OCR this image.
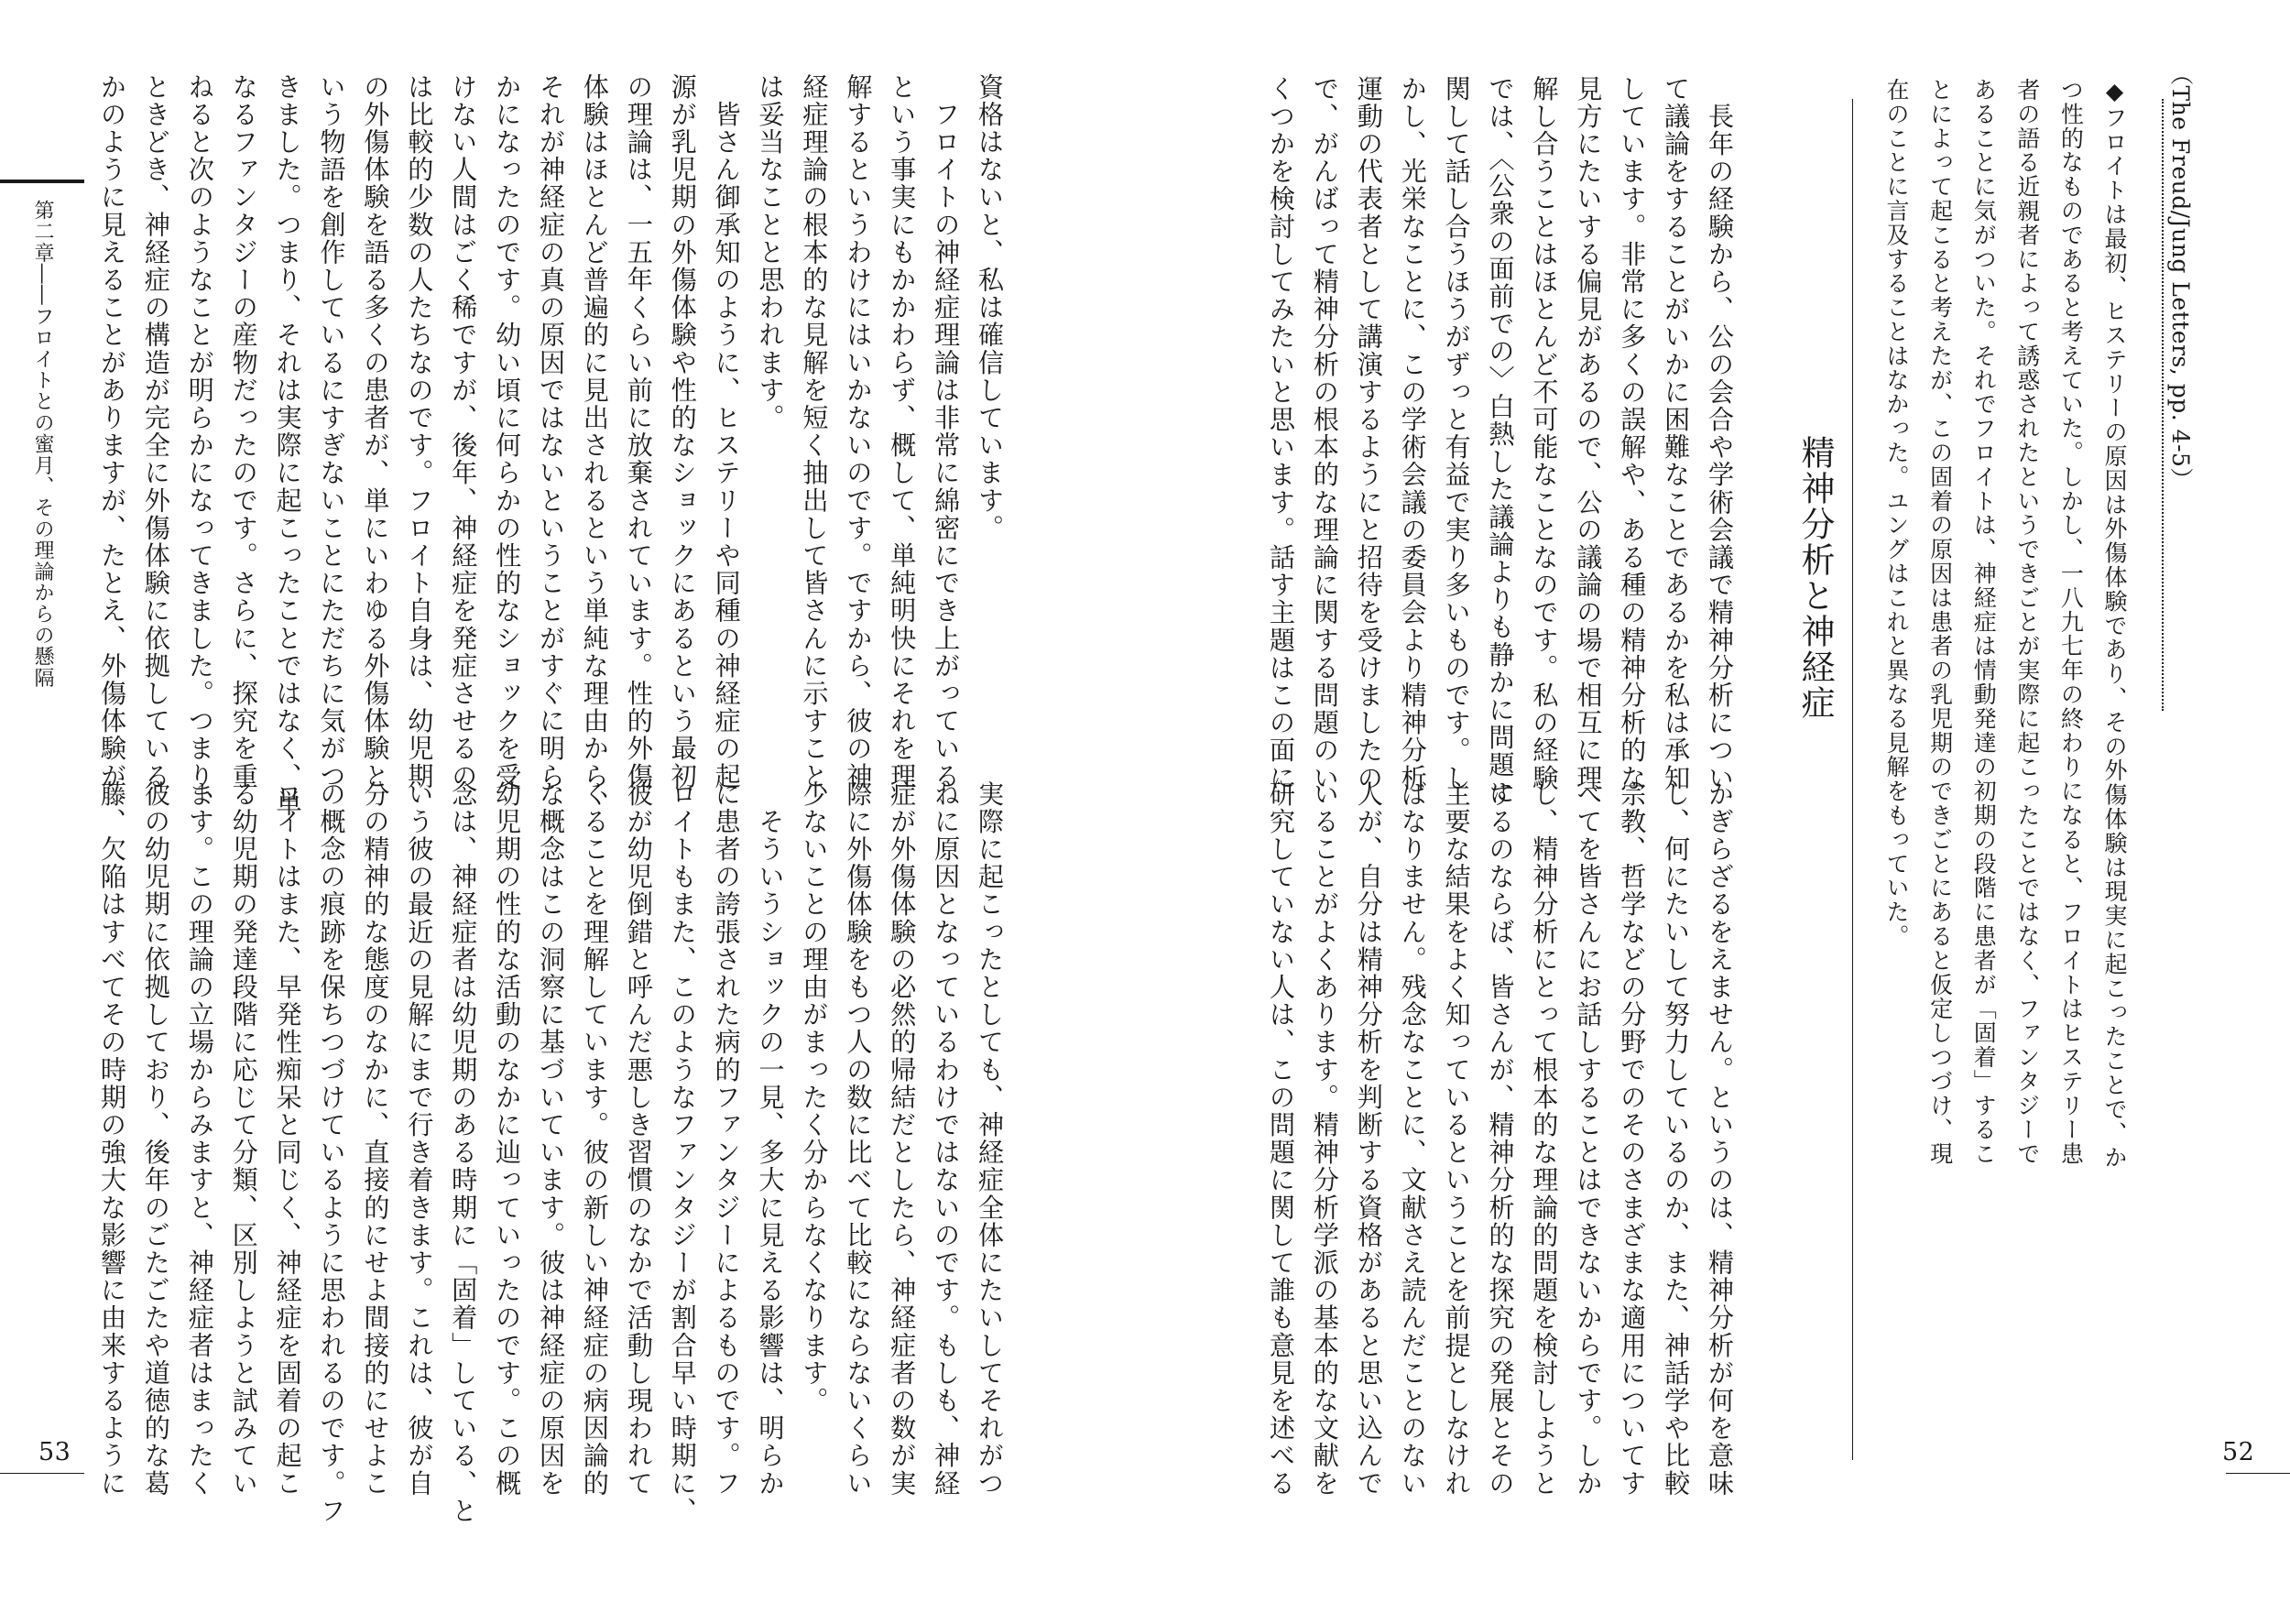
第二章――フロイトとの蜜月、その理論からの懸隔	資格はないと、私は確信しています。
　フロイトの神経症理論は非常に綿密にでき上がっている
という事実にもかかわらず、概して、単純明快にそれを理
解するというわけにはいかないのです。ですから、彼の神
経症理論の根本的な見解を短く抽出して皆さんに示すこと
は妥当なことと思われます。
　皆さん御承知のように、ヒステリーや同種の神経症の起
源が乳児期の外傷体験や性的なショックにあるという最初
の理論は、一五年くらい前に放棄されています。性的外傷
体験はほとんど普遍的に見出されるという単純な理由から、
それが神経症の真の原因ではないということがすぐに明ら
かになったのです。幼い頃に何らかの性的なショックを受
けない人間はごく稀ですが、後年、神経症を発症させるの
は比較的少数の人たちなのです。フロイト自身は、幼児期
の外傷体験を語る多くの患者が、単にいわゆる外傷体験と
いう物語を創作しているにすぎないことにただちに気がつ
きました。つまり、それは実際に起こったことではなく、単
なるファンタジーの産物だったのです。さらに、探究を重
ねると次のようなことが明らかになってきました。つまり、
ときどき、神経症の構造が完全に外傷体験に依拠している
かのように見えることがありますが、たとえ、外傷体験が
実際に起こったとしても、神経症全体にたいしてそれがつ
ねに原因となっているわけではないのです。もしも、神経
症が外傷体験の必然的帰結だとしたら、神経症者の数が実
際に外傷体験をもつ人の数に比べて比較にならないくらい
少ないことの理由がまったく分からなくなります。
　そういうショックの一見、多大に見える影響は、明らか
に患者の誇張された病的ファンタジーによるものです。フ
ロイトもまた、このようなファンタジーが割合早い時期に、
彼が幼児倒錯と呼んだ悪しき習慣のなかで活動し現われて
くることを理解しています。彼の新しい神経症の病因論的
な概念はこの洞察に基づいています。彼は神経症の原因を
幼児期の性的な活動のなかに辿っていったのです。この概
念は、神経症者は幼児期のある時期に「固着」している、と
いう彼の最近の見解にまで行き着きます。これは、彼が自
分の精神的な態度のなかに、直接的にせよ間接的にせよこ
の概念の痕跡を保ちつづけているように思われるのです。フ
ロイトはまた、早発性痴呆と同じく、神経症を固着の起こ
る幼児期の発達段階に応じて分類、区別しようと試みてい
ます。この理論の立場からみますと、神経症者はまったく
彼の幼児期に依拠しており、後年のごたごたや道徳的な葛
藤、欠陥はすべてその時期の強大な影響に由来するように
53
（The Freud/Jung Letters, pp. 4-5）
◆フロイトは最初、ヒステリーの原因は外傷体験であり、その外傷体験は現実に起こったことで、か
つ性的なものであると考えていた。しかし、一八九七年の終わりになると、フロイトはヒステリー患
者の語る近親者によって誘惑されたというできごとが実際に起こったことではなく、ファンタジーで
あることに気がついた。それでフロイトは、神経症は情動発達の初期の段階に患者が「固着」するこ
とによって起こると考えたが、この固着の原因は患者の乳児期のできごとにあると仮定しつづけ、現
在のことに言及することはなかった。ユングはこれと異なる見解をもっていた。
精神分析と神経症
　長年の経験から、公の会合や学術会議で精神分析につい
て議論をすることがいかに困難なことであるかを私は承知
しています。非常に多くの誤解や、ある種の精神分析的な
見方にたいする偏見があるので、公の議論の場で相互に理
解し合うことはほとんど不可能なことなのです。私の経験
では、〈公衆の面前での〉白熱した議論よりも静かに問題に
関して話し合うほうがずっと有益で実り多いものです。し
かし、光栄なことに、この学術会議の委員会より精神分析
運動の代表者として講演するようにと招待を受けましたの
で、がんばって精神分析の根本的な理論に関する問題のい
くつかを検討してみたいと思います。話す主題はこの面に
かぎらざるをえません。というのは、精神分析が何を意味
し、何にたいして努力しているのか、また、神話学や比較
宗教、哲学などの分野でのそのさまざまな適用についてす
べてを皆さんにお話しすることはできないからです。しか
し、精神分析にとって根本的な理論的問題を検討しようと
するのならば、皆さんが、精神分析的な探究の発展とその
主要な結果をよく知っているということを前提としなけれ
ばなりません。残念なことに、文献さえ読んだことのない
人が、自分は精神分析を判断する資格があると思い込んで
いることがよくあります。精神分析学派の基本的な文献を
研究していない人は、この問題に関して誰も意見を述べる	52
